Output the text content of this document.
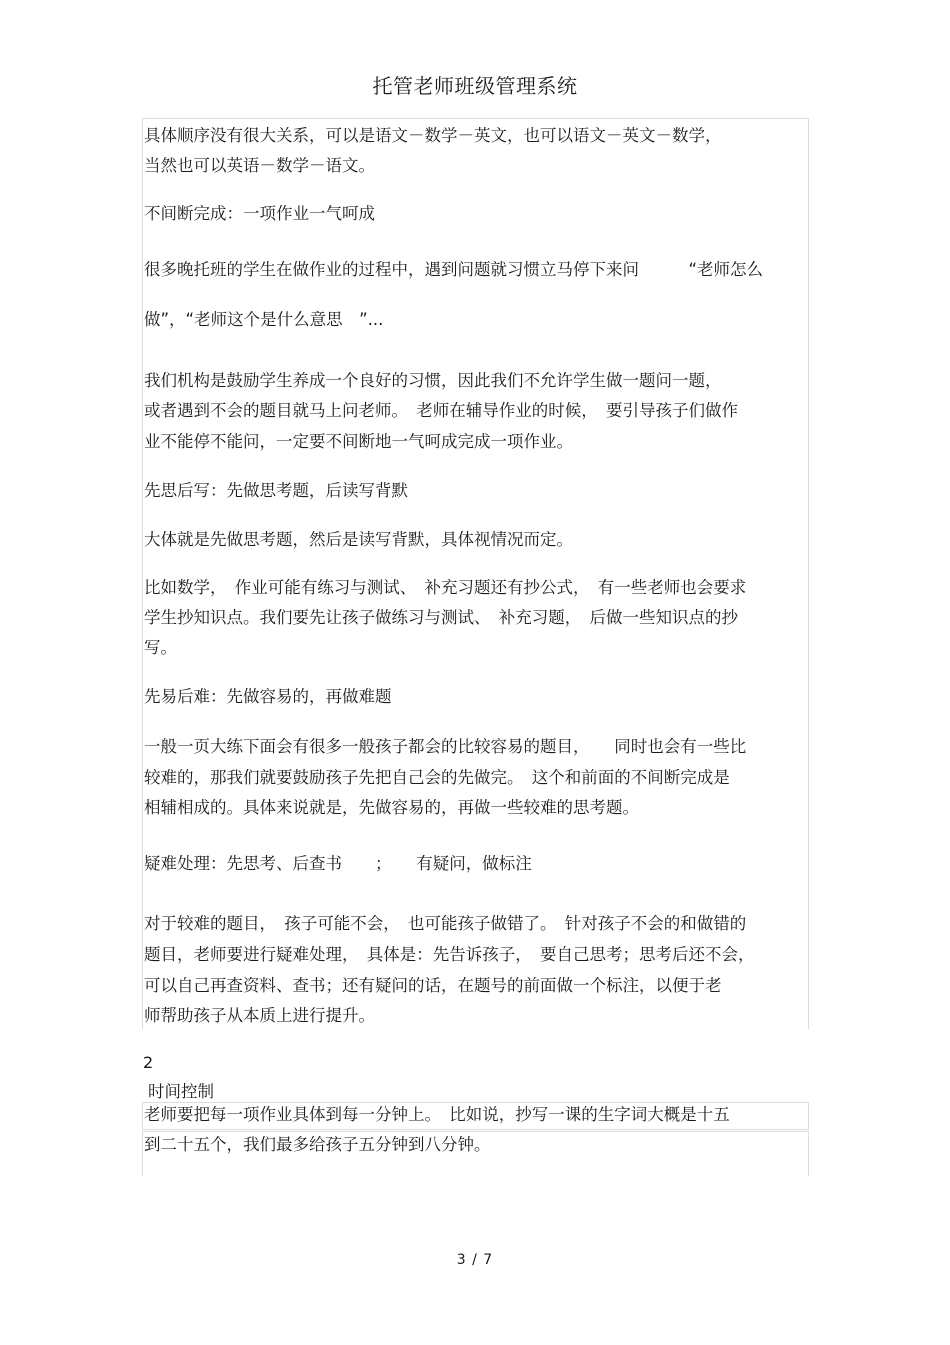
托管老师班级管理系统
具体顺序没有很大关系，可以是语文－数学－英文，也可以语文－英文－数学，
当然也可以英语－数学－语文。
不间断完成：一项作业一气呵成
很多晚托班的学生在做作业的过程中，遇到问题就习惯立马停下来问　　　“老师怎么
做”，“老师这个是什么意思　”...
我们机构是鼓励学生养成一个良好的习惯，因此我们不允许学生做一题问一题，
或者遇到不会的题目就马上问老师。　老师在辅导作业的时候，　要引导孩子们做作
业不能停不能问，一定要不间断地一气呵成完成一项作业。
先思后写：先做思考题，后读写背默
大体就是先做思考题，然后是读写背默，具体视情况而定。
比如数学，　作业可能有练习与测试、　补充习题还有抄公式，　有一些老师也会要求
学生抄知识点。我们要先让孩子做练习与测试、　补充习题，　后做一些知识点的抄
写。
先易后难：先做容易的，再做难题
一般一页大练下面会有很多一般孩子都会的比较容易的题目，　　同时也会有一些比
较难的，那我们就要鼓励孩子先把自己会的先做完。　这个和前面的不间断完成是
相辅相成的。具体来说就是，先做容易的，再做一些较难的思考题。
疑难处理：先思考、后查书　　；　　有疑问，做标注
对于较难的题目，　孩子可能不会，　也可能孩子做错了。　针对孩子不会的和做错的
题目，老师要进行疑难处理，　具体是：先告诉孩子，　要自己思考；思考后还不会，
可以自己再查资料、查书；还有疑问的话，在题号的前面做一个标注，以便于老
师帮助孩子从本质上进行提升。
2
时间控制
老师要把每一项作业具体到每一分钟上。　比如说，抄写一课的生字词大概是十五
到二十五个，我们最多给孩子五分钟到八分钟。
3 / 7
